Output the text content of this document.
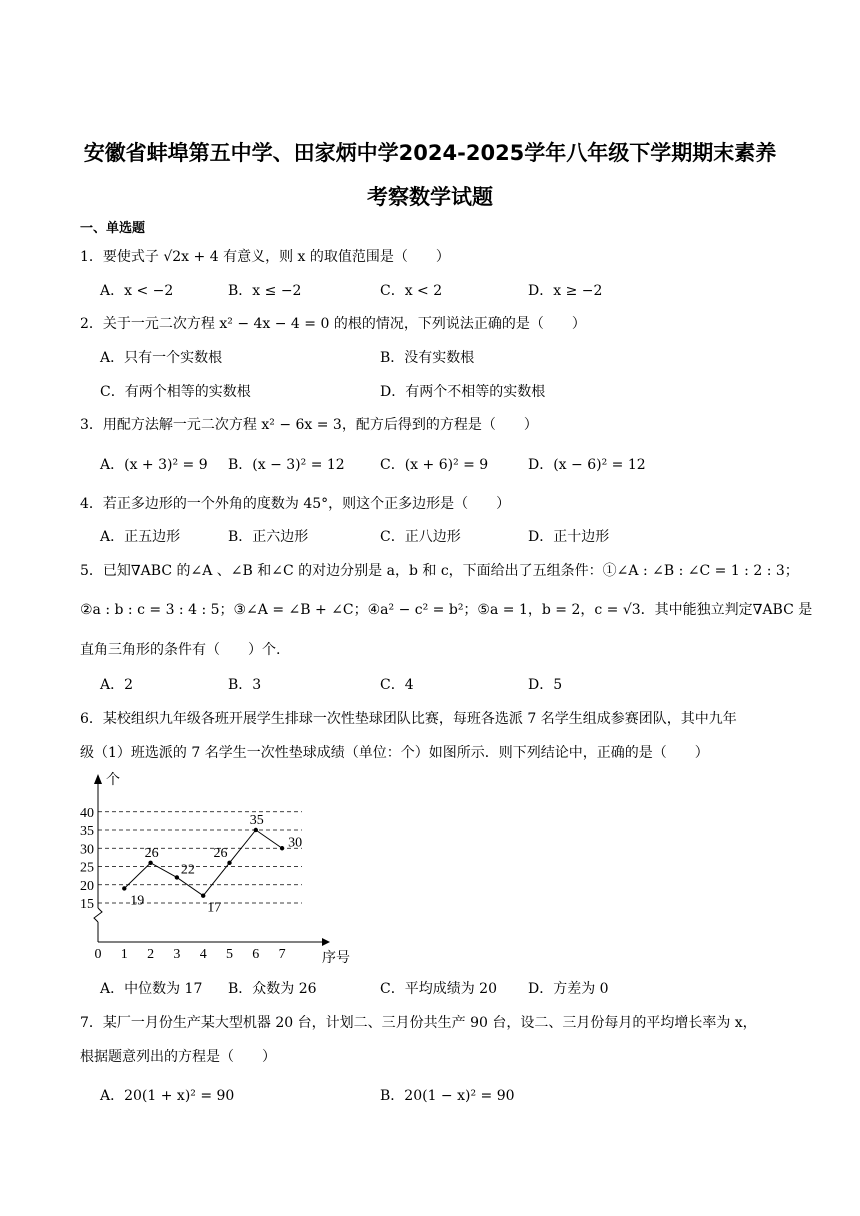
安徽省蚌埠第五中学、田家炳中学2024-2025学年八年级下学期期末素养
考察数学试题
一、单选题
1．要使式子 √2x + 4 有意义，则 x 的取值范围是（　　）
A．x < −2	B．x ≤ −2	C．x < 2	D．x ≥ −2
2．关于一元二次方程 x² − 4x − 4 = 0 的根的情况，下列说法正确的是（　　）
A．只有一个实数根	B．没有实数根
C．有两个相等的实数根	D．有两个不相等的实数根
3．用配方法解一元二次方程 x² − 6x = 3，配方后得到的方程是（　　）
A．(x + 3)² = 9 B．(x − 3)² = 12	C．(x + 6)² = 9	D．(x − 6)² = 12
4．若正多边形的一个外角的度数为 45°，则这个正多边形是（　　）
A．正五边形	B．正六边形	C．正八边形	D．正十边形
5．已知∇ABC 的∠A 、∠B 和∠C 的对边分别是 a，b 和 c，下面给出了五组条件：①∠A : ∠B : ∠C = 1 : 2 : 3；
②a : b : c = 3 : 4 : 5；③∠A = ∠B + ∠C；④a² − c² = b²；⑤a = 1，b = 2，c = √3．其中能独立判定∇ABC 是
直角三角形的条件有（　　）个.
A．2	B．3	C．4	D．5
6．某校组织九年级各班开展学生排球一次性垫球团队比赛，每班各选派 7 名学生组成参赛团队，其中九年
级（1）班选派的 7 名学生一次性垫球成绩（单位：个）如图所示．则下列结论中，正确的是（　　）
个
序号
15
20
25
30
35
40
0 1 2 3 4 5 6 7
19
26
22
17
26
35
30
A．中位数为 17 B．众数为 26	C．平均成绩为 20 D．方差为 0
7．某厂一月份生产某大型机器 20 台，计划二、三月份共生产 90 台，设二、三月份每月的平均增长率为 x，
根据题意列出的方程是（　　）
A．20(1 + x)² = 90	B．20(1 − x)² = 90
